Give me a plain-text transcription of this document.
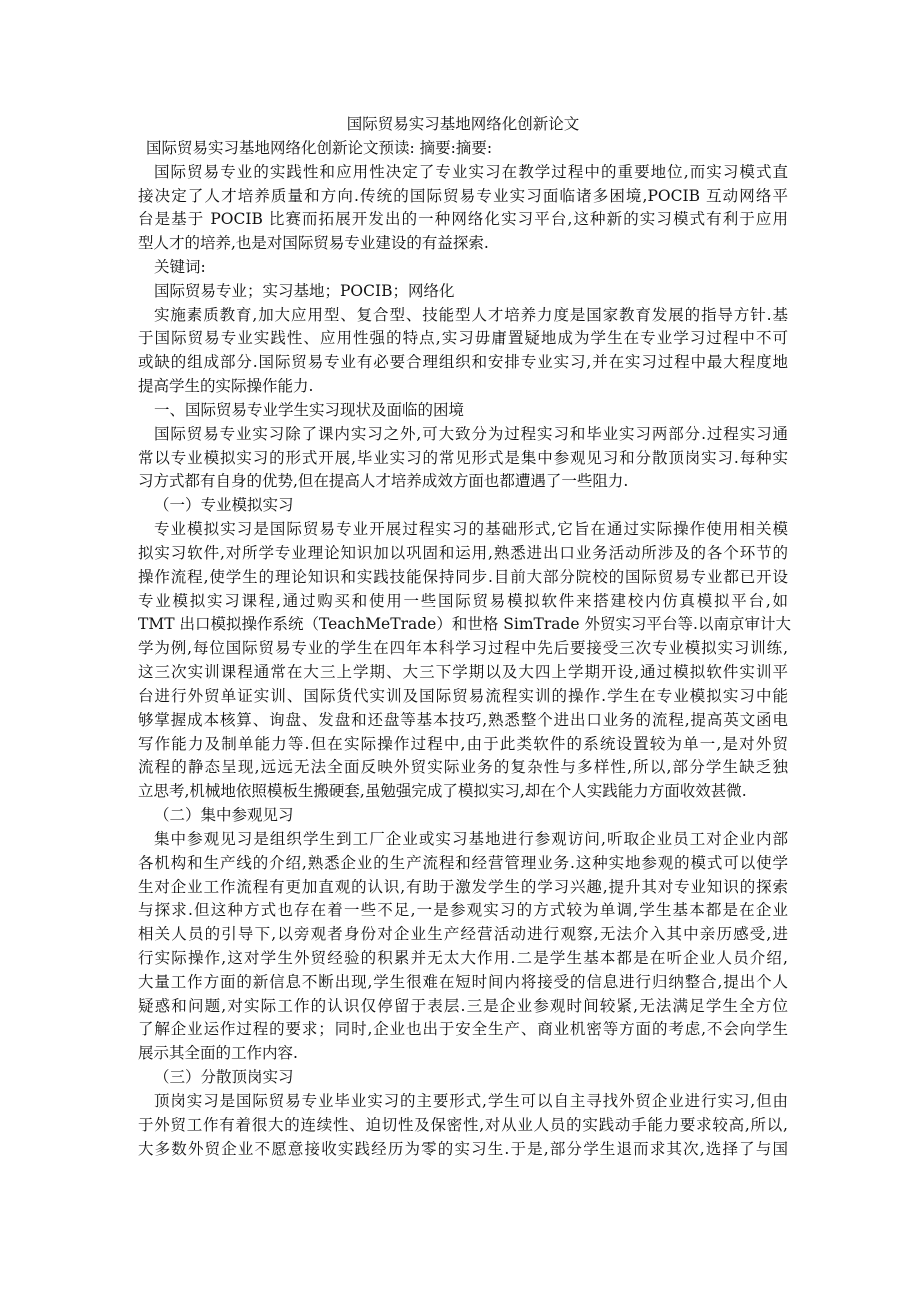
国际贸易实习基地网络化创新论文
国际贸易实习基地网络化创新论文预读: 摘要:摘要:
国际贸易专业的实践性和应用性决定了专业实习在教学过程中的重要地位,而实习模式直
接决定了人才培养质量和方向.传统的国际贸易专业实习面临诸多困境,POCIB 互动网络平
台是基于 POCIB 比赛而拓展开发出的一种网络化实习平台,这种新的实习模式有利于应用
型人才的培养,也是对国际贸易专业建设的有益探索.
关键词:
国际贸易专业；实习基地；POCIB；网络化
实施素质教育,加大应用型、复合型、技能型人才培养力度是国家教育发展的指导方针.基
于国际贸易专业实践性、应用性强的特点,实习毋庸置疑地成为学生在专业学习过程中不可
或缺的组成部分.国际贸易专业有必要合理组织和安排专业实习,并在实习过程中最大程度地
提高学生的实际操作能力.
一、国际贸易专业学生实习现状及面临的困境
国际贸易专业实习除了课内实习之外,可大致分为过程实习和毕业实习两部分.过程实习通
常以专业模拟实习的形式开展,毕业实习的常见形式是集中参观见习和分散顶岗实习.每种实
习方式都有自身的优势,但在提高人才培养成效方面也都遭遇了一些阻力.
（一）专业模拟实习
专业模拟实习是国际贸易专业开展过程实习的基础形式,它旨在通过实际操作使用相关模
拟实习软件,对所学专业理论知识加以巩固和运用,熟悉进出口业务活动所涉及的各个环节的
操作流程,使学生的理论知识和实践技能保持同步.目前大部分院校的国际贸易专业都已开设
专业模拟实习课程,通过购买和使用一些国际贸易模拟软件来搭建校内仿真模拟平台,如
TMT 出口模拟操作系统（TeachMeTrade）和世格 SimTrade 外贸实习平台等.以南京审计大
学为例,每位国际贸易专业的学生在四年本科学习过程中先后要接受三次专业模拟实习训练,
这三次实训课程通常在大三上学期、大三下学期以及大四上学期开设,通过模拟软件实训平
台进行外贸单证实训、国际货代实训及国际贸易流程实训的操作.学生在专业模拟实习中能
够掌握成本核算、询盘、发盘和还盘等基本技巧,熟悉整个进出口业务的流程,提高英文函电
写作能力及制单能力等.但在实际操作过程中,由于此类软件的系统设置较为单一,是对外贸
流程的静态呈现,远远无法全面反映外贸实际业务的复杂性与多样性,所以,部分学生缺乏独
立思考,机械地依照模板生搬硬套,虽勉强完成了模拟实习,却在个人实践能力方面收效甚微.
（二）集中参观见习
集中参观见习是组织学生到工厂企业或实习基地进行参观访问,听取企业员工对企业内部
各机构和生产线的介绍,熟悉企业的生产流程和经营管理业务.这种实地参观的模式可以使学
生对企业工作流程有更加直观的认识,有助于激发学生的学习兴趣,提升其对专业知识的探索
与探求.但这种方式也存在着一些不足,一是参观实习的方式较为单调,学生基本都是在企业
相关人员的引导下,以旁观者身份对企业生产经营活动进行观察,无法介入其中亲历感受,进
行实际操作,这对学生外贸经验的积累并无太大作用.二是学生基本都是在听企业人员介绍,
大量工作方面的新信息不断出现,学生很难在短时间内将接受的信息进行归纳整合,提出个人
疑惑和问题,对实际工作的认识仅停留于表层.三是企业参观时间较紧,无法满足学生全方位
了解企业运作过程的要求；同时,企业也出于安全生产、商业机密等方面的考虑,不会向学生
展示其全面的工作内容.
（三）分散顶岗实习
顶岗实习是国际贸易专业毕业实习的主要形式,学生可以自主寻找外贸企业进行实习,但由
于外贸工作有着很大的连续性、迫切性及保密性,对从业人员的实践动手能力要求较高,所以,
大多数外贸企业不愿意接收实践经历为零的实习生.于是,部分学生退而求其次,选择了与国
